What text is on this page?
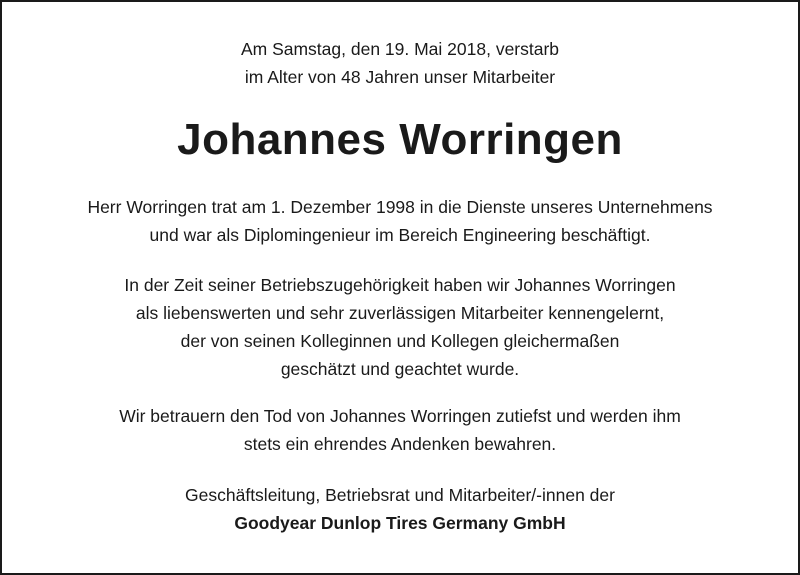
Am Samstag, den 19. Mai 2018, verstarb
im Alter von 48 Jahren unser Mitarbeiter
Johannes Worringen
Herr Worringen trat am 1. Dezember 1998 in die Dienste unseres Unternehmens
und war als Diplomingenieur im Bereich Engineering beschäftigt.
In der Zeit seiner Betriebszugehörigkeit haben wir Johannes Worringen
als liebenswerten und sehr zuverlässigen Mitarbeiter kennengelernt,
der von seinen Kolleginnen und Kollegen gleichermaßen
geschätzt und geachtet wurde.
Wir betrauern den Tod von Johannes Worringen zutiefst und werden ihm
stets ein ehrendes Andenken bewahren.
Geschäftsleitung, Betriebsrat und Mitarbeiter/-innen der
Goodyear Dunlop Tires Germany GmbH
